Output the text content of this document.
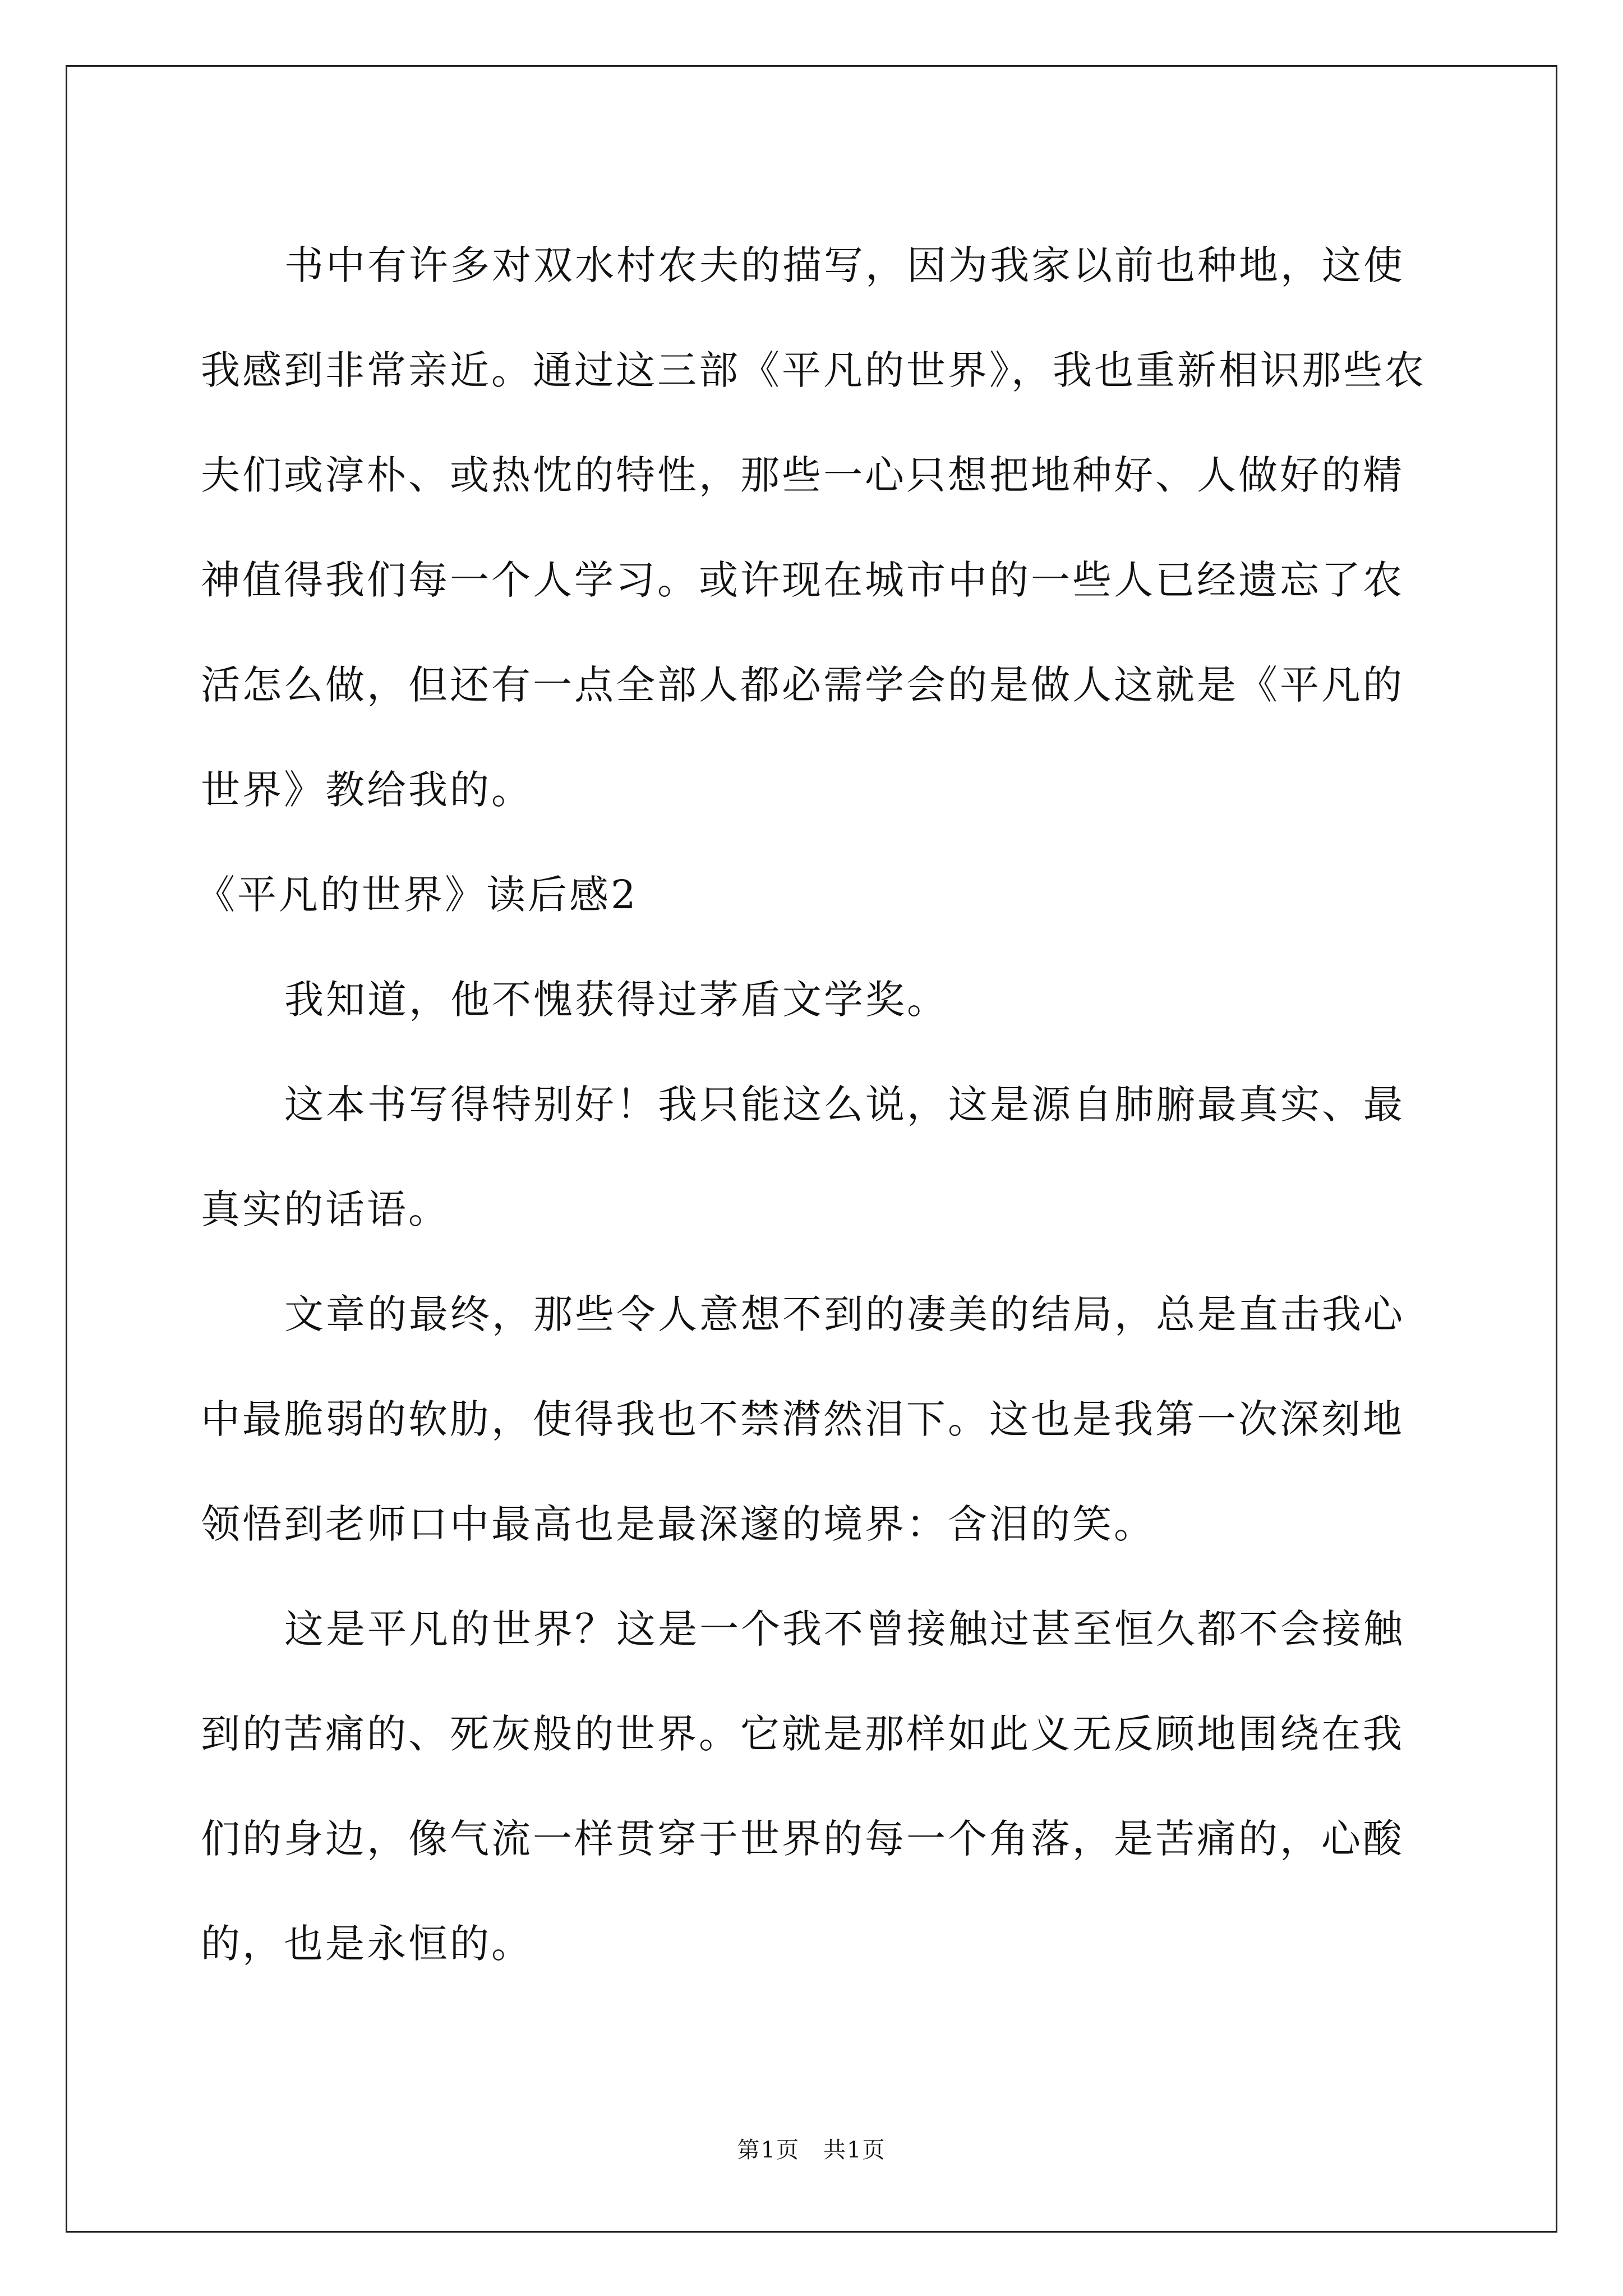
书中有许多对双水村农夫的描写，因为我家以前也种地，这使我感到非常亲近。通过这三部《平凡的世界》，我也重新相识那些农夫们或淳朴、或热忱的特性，那些一心只想把地种好、人做好的精神值得我们每一个人学习。或许现在城市中的一些人已经遗忘了农活怎么做，但还有一点全部人都必需学会的是做人这就是《平凡的世界》教给我的。

《平凡的世界》读后感2

我知道，他不愧获得过茅盾文学奖。

这本书写得特别好！我只能这么说，这是源自肺腑最真实、最真实的话语。

文章的最终，那些令人意想不到的凄美的结局，总是直击我心中最脆弱的软肋，使得我也不禁潸然泪下。这也是我第一次深刻地领悟到老师口中最高也是最深邃的境界：含泪的笑。

这是平凡的世界？这是一个我不曾接触过甚至恒久都不会接触到的苦痛的、死灰般的世界。它就是那样如此义无反顾地围绕在我们的身边，像气流一样贯穿于世界的每一个角落，是苦痛的，心酸的，也是永恒的。

第1页　共1页
